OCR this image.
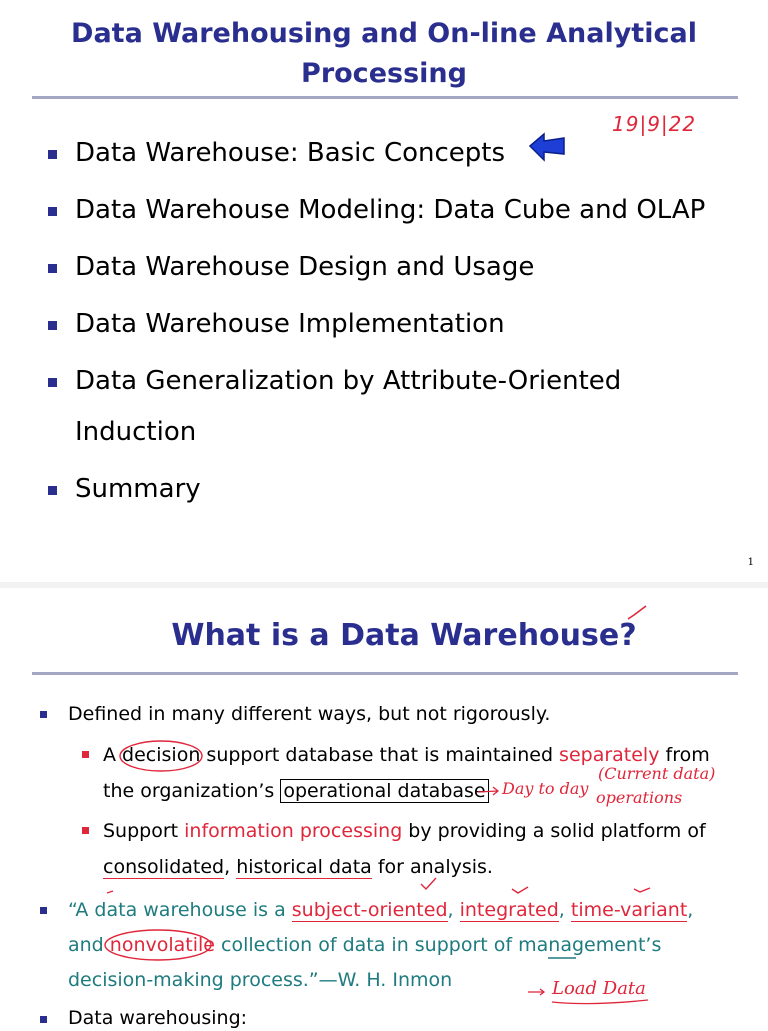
Data Warehousing and On-line Analytical
Processing
Data Warehouse: Basic Concepts
Data Warehouse Modeling: Data Cube and OLAP
Data Warehouse Design and Usage
Data Warehouse Implementation
Data Generalization by Attribute-Oriented
Induction
Summary
19|9|22
1
What is a Data Warehouse?
Defined in many different ways, but not rigorously.
A decision support database that is maintained separately from
the organization’s operational database
Support information processing by providing a solid platform of
consolidated, historical data for analysis.
“A data warehouse is a subject-oriented, integrated, time-variant,
and nonvolatile collection of data in support of management’s
decision-making process.”—W. H. Inmon
Data warehousing:
Day to day
(Current data)
operations
Load Data
